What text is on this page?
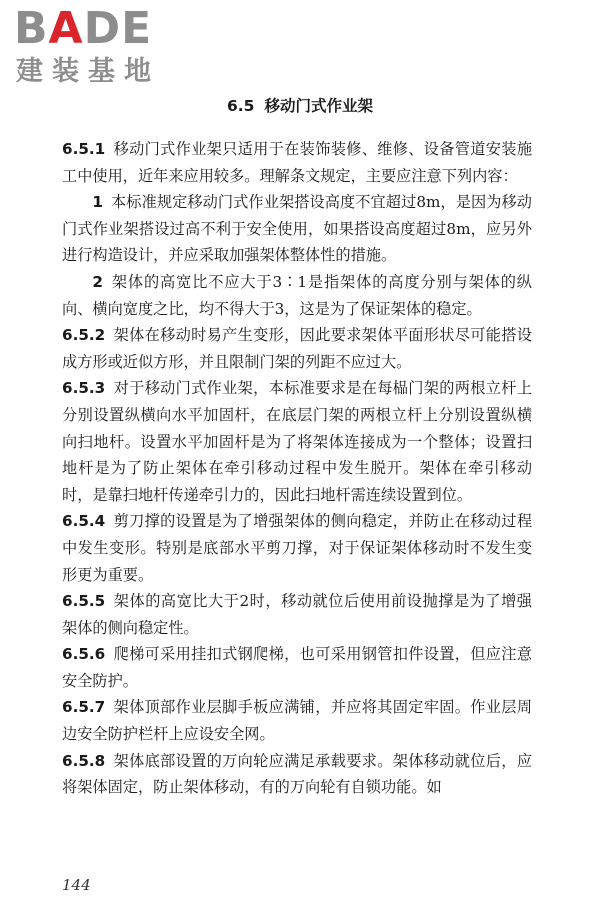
BADE
建装基地
6.5 移动门式作业架

6.5.1 移动门式作业架只适用于在装饰装修、维修、设备管道安装施工中使用，近年来应用较多。理解条文规定，主要应注意下列内容：

1 本标准规定移动门式作业架搭设高度不宜超过8m，是因为移动门式作业架搭设过高不利于安全使用，如果搭设高度超过8m，应另外进行构造设计，并应采取加强架体整体性的措施。

2 架体的高宽比不应大于3∶1是指架体的高度分别与架体的纵向、横向宽度之比，均不得大于3，这是为了保证架体的稳定。

6.5.2 架体在移动时易产生变形，因此要求架体平面形状尽可能搭设成方形或近似方形，并且限制门架的列距不应过大。

6.5.3 对于移动门式作业架，本标准要求是在每榀门架的两根立杆上分别设置纵横向水平加固杆，在底层门架的两根立杆上分别设置纵横向扫地杆。设置水平加固杆是为了将架体连接成为一个整体；设置扫地杆是为了防止架体在牵引移动过程中发生脱开。架体在牵引移动时，是靠扫地杆传递牵引力的，因此扫地杆需连续设置到位。

6.5.4 剪刀撑的设置是为了增强架体的侧向稳定，并防止在移动过程中发生变形。特别是底部水平剪刀撑，对于保证架体移动时不发生变形更为重要。

6.5.5 架体的高宽比大于2时，移动就位后使用前设抛撑是为了增强架体的侧向稳定性。

6.5.6 爬梯可采用挂扣式钢爬梯，也可采用钢管扣件设置，但应注意安全防护。

6.5.7 架体顶部作业层脚手板应满铺，并应将其固定牢固。作业层周边安全防护栏杆上应设安全网。

6.5.8 架体底部设置的万向轮应满足承载要求。架体移动就位后，应将架体固定，防止架体移动，有的万向轮有自锁功能。如

144
